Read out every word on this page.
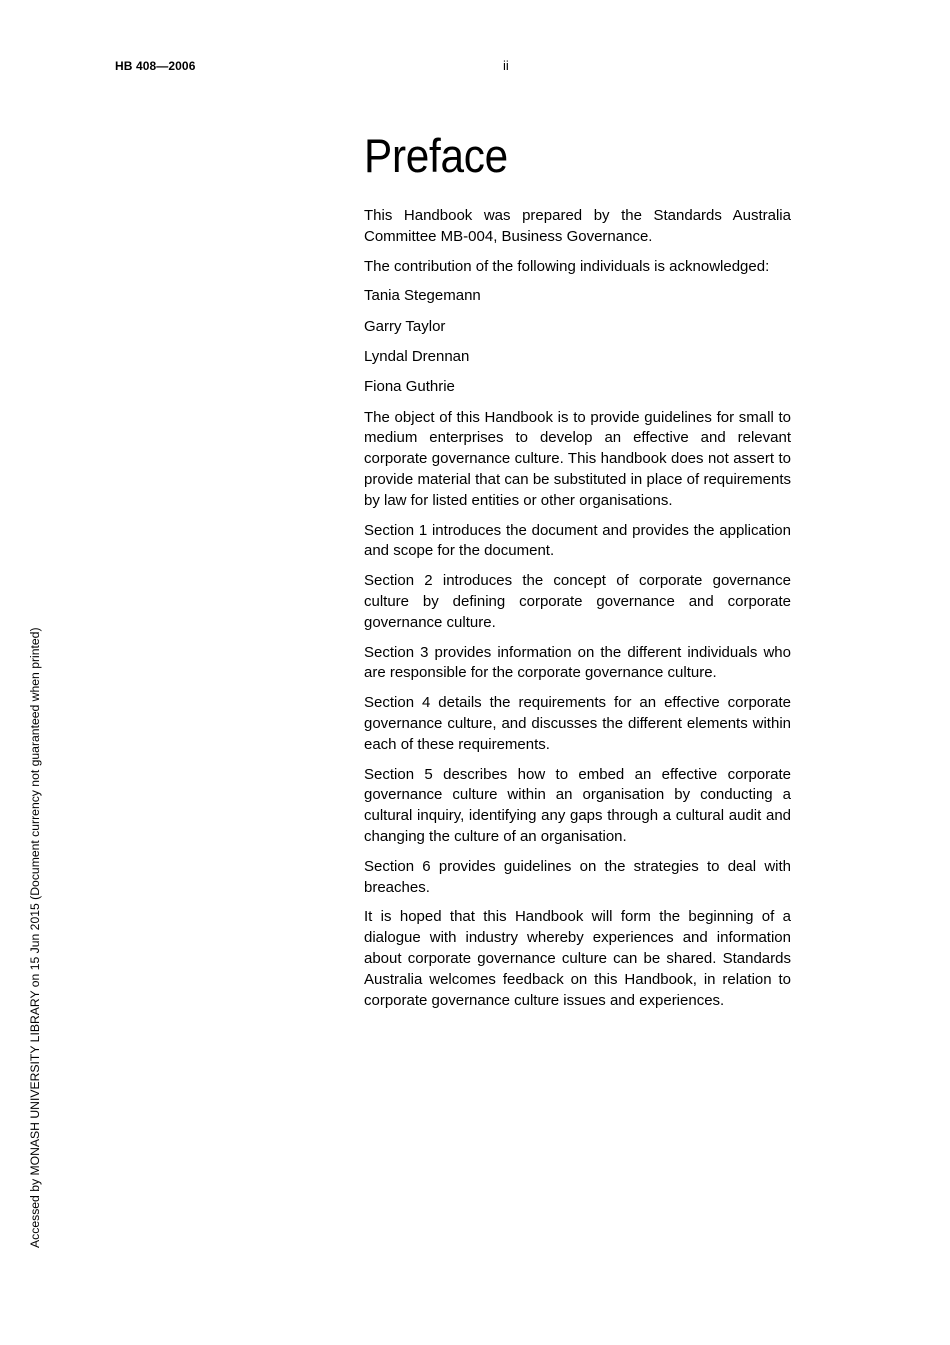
HB 408—2006	ii
Accessed by MONASH UNIVERSITY LIBRARY on 15 Jun 2015 (Document currency not guaranteed when printed)
Preface

This Handbook was prepared by the Standards Australia Committee MB-004, Business Governance.

The contribution of the following individuals is acknowledged:

Tania Stegemann

Garry Taylor

Lyndal Drennan

Fiona Guthrie

The object of this Handbook is to provide guidelines for small to medium enterprises to develop an effective and relevant corporate governance culture. This handbook does not assert to provide material that can be substituted in place of requirements by law for listed entities or other organisations.

Section 1 introduces the document and provides the application and scope for the document.

Section 2 introduces the concept of corporate governance culture by defining corporate governance and corporate governance culture.

Section 3 provides information on the different individuals who are responsible for the corporate governance culture.

Section 4 details the requirements for an effective corporate governance culture, and discusses the different elements within each of these requirements.

Section 5 describes how to embed an effective corporate governance culture within an organisation by conducting a cultural inquiry, identifying any gaps through a cultural audit and changing the culture of an organisation.

Section 6 provides guidelines on the strategies to deal with breaches.

It is hoped that this Handbook will form the beginning of a dialogue with industry whereby experiences and information about corporate governance culture can be shared. Standards Australia welcomes feedback on this Handbook, in relation to corporate governance culture issues and experiences.
